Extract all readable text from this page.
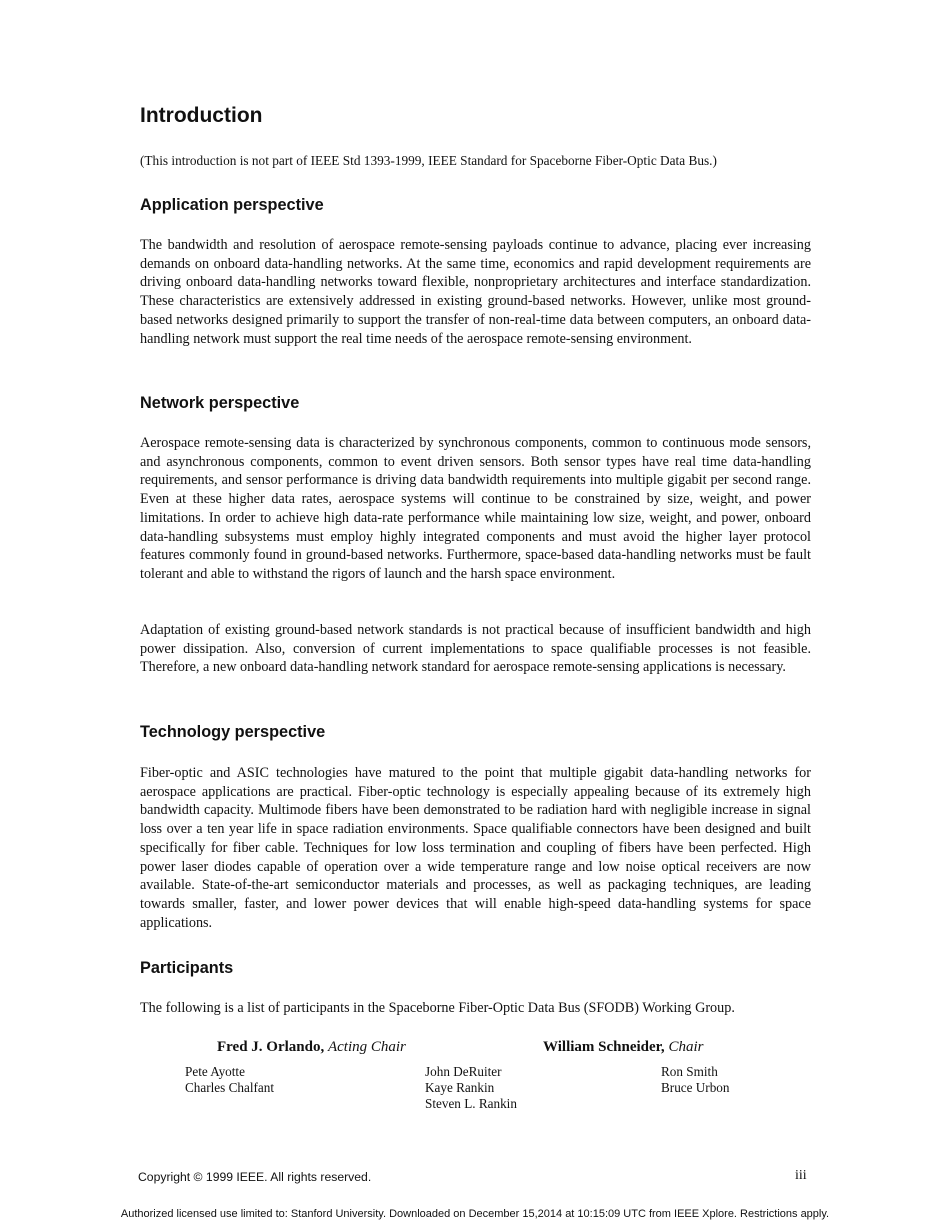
Introduction
(This introduction is not part of IEEE Std 1393-1999, IEEE Standard for Spaceborne Fiber-Optic Data Bus.)
Application perspective

The bandwidth and resolution of aerospace remote-sensing payloads continue to advance, placing ever increasing demands on onboard data-handling networks. At the same time, economics and rapid development requirements are driving onboard data-handling networks toward flexible, nonproprietary architectures and interface standardization. These characteristics are extensively addressed in existing ground-based networks. However, unlike most ground-based networks designed primarily to support the transfer of non-real-time data between computers, an onboard data-handling network must support the real time needs of the aerospace remote-sensing environment.

Network perspective

Aerospace remote-sensing data is characterized by synchronous components, common to continuous mode sensors, and asynchronous components, common to event driven sensors. Both sensor types have real time data-handling requirements, and sensor performance is driving data bandwidth requirements into multiple gigabit per second range. Even at these higher data rates, aerospace systems will continue to be constrained by size, weight, and power limitations. In order to achieve high data-rate performance while maintaining low size, weight, and power, onboard data-handling subsystems must employ highly integrated components and must avoid the higher layer protocol features commonly found in ground-based networks. Furthermore, space-based data-handling networks must be fault tolerant and able to withstand the rigors of launch and the harsh space environment.

Adaptation of existing ground-based network standards is not practical because of insufficient bandwidth and high power dissipation. Also, conversion of current implementations to space qualifiable processes is not feasible. Therefore, a new onboard data-handling network standard for aerospace remote-sensing applications is necessary.

Technology perspective

Fiber-optic and ASIC technologies have matured to the point that multiple gigabit data-handling networks for aerospace applications are practical. Fiber-optic technology is especially appealing because of its extremely high bandwidth capacity. Multimode fibers have been demonstrated to be radiation hard with negligible increase in signal loss over a ten year life in space radiation environments. Space qualifiable connectors have been designed and built specifically for fiber cable. Techniques for low loss termination and coupling of fibers have been perfected. High power laser diodes capable of operation over a wide temperature range and low noise optical receivers are now available. State-of-the-art semiconductor materials and processes, as well as packaging techniques, are leading towards smaller, faster, and lower power devices that will enable high-speed data-handling systems for space applications.

Participants

The following is a list of participants in the Spaceborne Fiber-Optic Data Bus (SFODB) Working Group.

Fred J. Orlando, Acting Chair	William Schneider, Chair
Pete Ayotte
Charles Chalfant
John DeRuiter
Kaye Rankin
Steven L. Rankin
Ron Smith
Bruce Urbon
Copyright © 1999 IEEE. All rights reserved.	iii
Authorized licensed use limited to: Stanford University. Downloaded on December 15,2014 at 10:15:09 UTC from IEEE Xplore. Restrictions apply.
